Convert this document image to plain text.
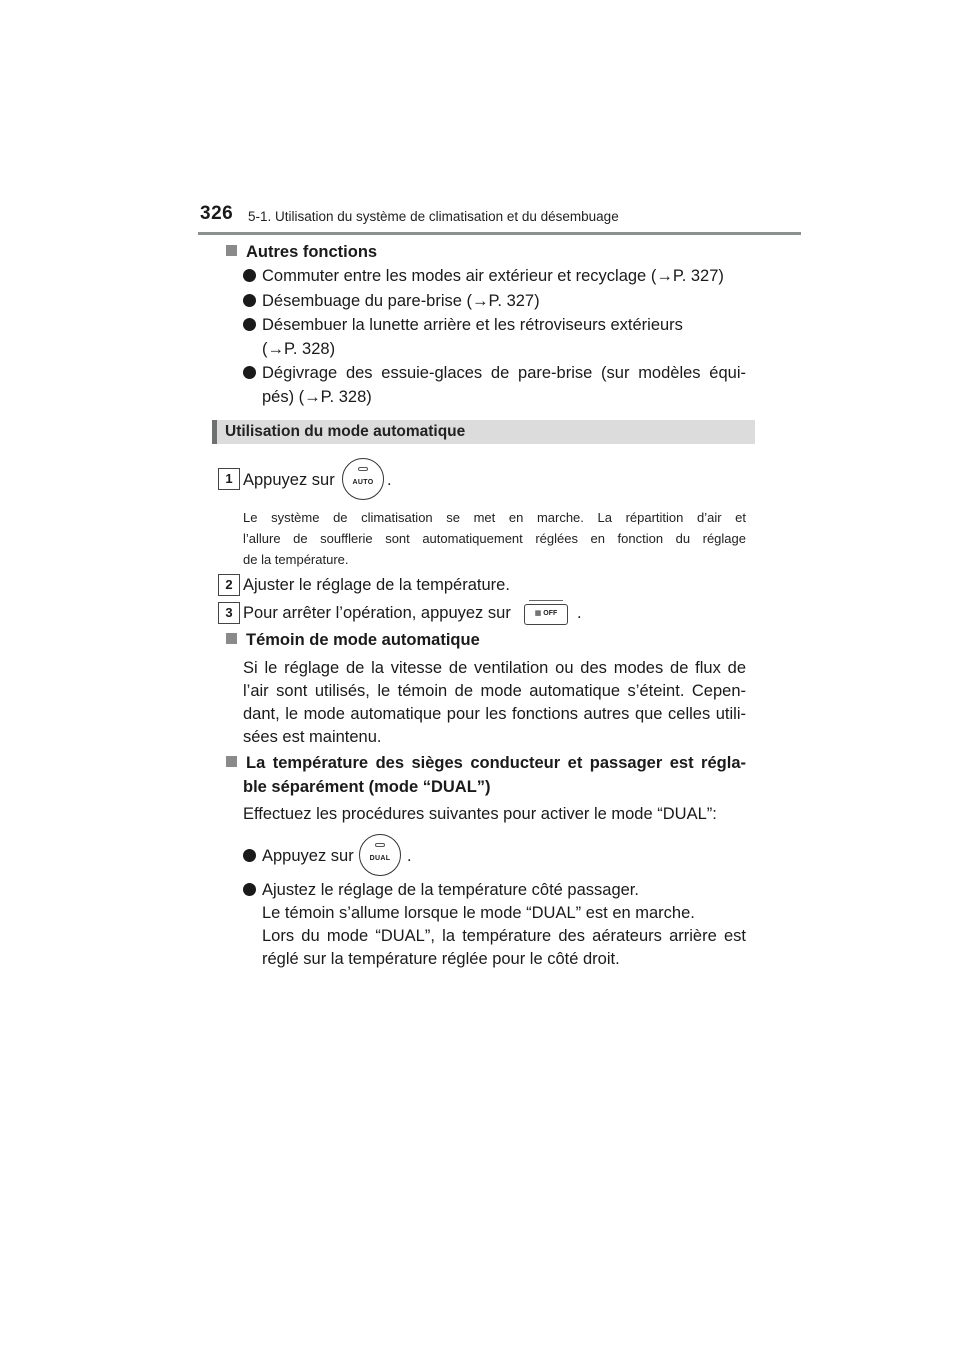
326 5-1. Utilisation du système de climatisation et du désembuage
Autres fonctions
Commuter entre les modes air extérieur et recyclage (→P. 327)
Désembuage du pare-brise (→P. 327)
Désembuer la lunette arrière et les rétroviseurs extérieurs
(→P. 328)
Dégivrage des essuie-glaces de pare-brise (sur modèles équi-
pés) (→P. 328)
Utilisation du mode automatique
1 Appuyez sur	AUTO .
Le système de climatisation se met en marche. La répartition d’air et
l’allure de soufflerie sont automatiquement réglées en fonction du réglage
de la température.
2 Ajuster le réglage de la température.
3 Pour arrêter l’opération, appuyez sur	▦ OFF	.
Témoin de mode automatique
Si le réglage de la vitesse de ventilation ou des modes de flux de
l’air sont utilisés, le témoin de mode automatique s’éteint. Cepen-
dant, le mode automatique pour les fonctions autres que celles utili-
sées est maintenu.
La température des sièges conducteur et passager est régla-
ble séparément (mode “DUAL”)
Effectuez les procédures suivantes pour activer le mode “DUAL”:
Appuyez sur	DUAL	.
Ajustez le réglage de la température côté passager.
Le témoin s’allume lorsque le mode “DUAL” est en marche.
Lors du mode “DUAL”, la température des aérateurs arrière est
réglé sur la température réglée pour le côté droit.
